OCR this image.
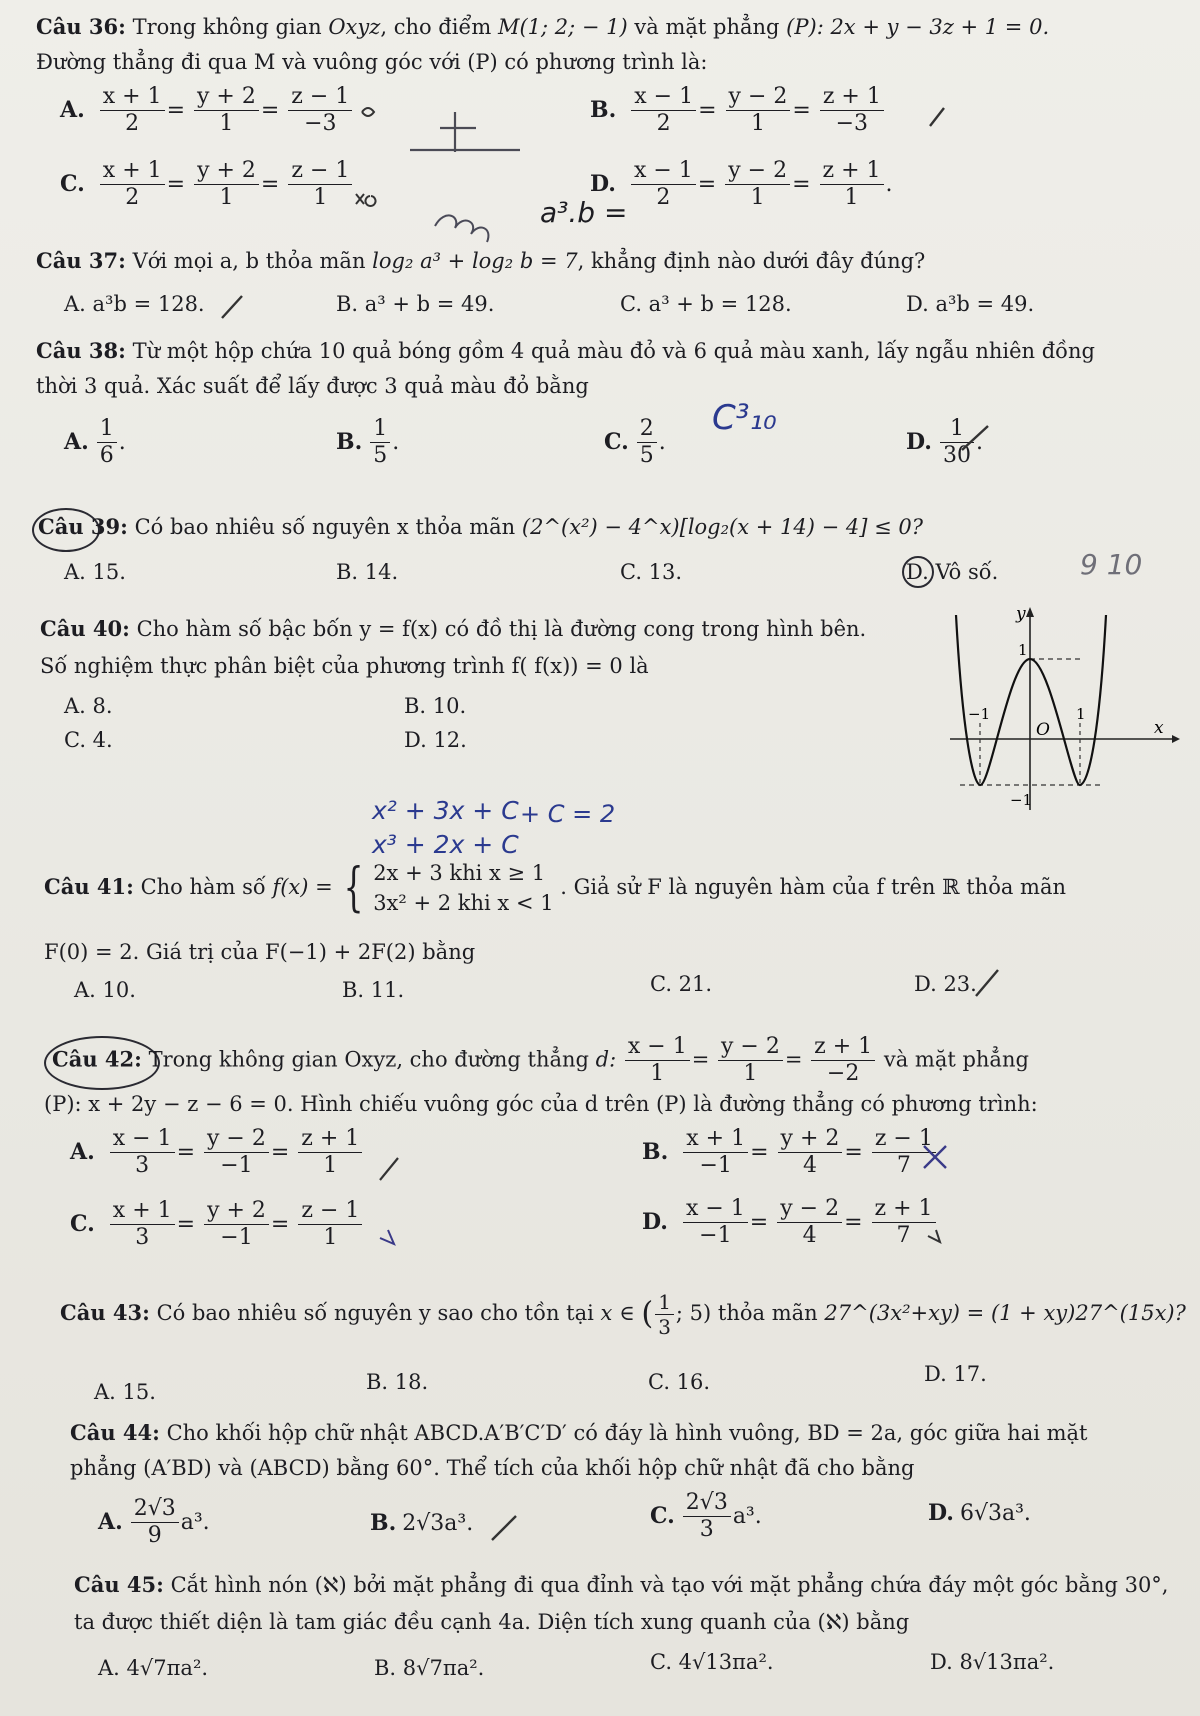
Câu 36: Trong không gian Oxyz, cho điểm M(1; 2; − 1) và mặt phẳng (P): 2x + y − 3z + 1 = 0.
Đường thẳng đi qua M và vuông góc với (P) có phương trình là:
A. $\frac{x + 1}{2} = \frac{y + 2}{1} = \frac{z - 1}{-3}$	B. $\frac{x - 1}{2} = \frac{y - 2}{1} = \frac{z + 1}{-3}$
C. $\frac{x + 1}{2} = \frac{y + 2}{1} = \frac{z - 1}{1}$	D. $\frac{x - 1}{2} = \frac{y - 2}{1} = \frac{z + 1}{1}$ .
a³.b =
Câu 37: Với mọi a, b thỏa mãn log₂ a³ + log₂ b = 7, khẳng định nào dưới đây đúng?
A. a³b = 128.	B. a³ + b = 49.	C. a³ + b = 128.	D. a³b = 49.
Câu 38: Từ một hộp chứa 10 quả bóng gồm 4 quả màu đỏ và 6 quả màu xanh, lấy ngẫu nhiên đồng
thời 3 quả. Xác suất để lấy được 3 quả màu đỏ bằng
A. $\frac{1}{6}$ .	B. $\frac{1}{5}$ .	C. $\frac{2}{5}$ .	D. $\frac{1}{30}$ .
C³₁₀
Câu 39: Có bao nhiêu số nguyên x thỏa mãn (2^(x²) − 4^x)[log₂(x + 14) − 4] ≤ 0?
A. 15.	B. 14.	C. 13.	D. Vô số.	9 10
Câu 40: Cho hàm số bậc bốn y = f(x) có đồ thị là đường cong trong hình bên.
Số nghiệm thực phân biệt của phương trình f( f(x)) = 0 là
A. 8.	B. 10.
C. 4.	D. 12.
y
x
O
1
−1
−1	1
x² + 3x + C
x³ + 2x + C
+ C = 2
Câu 41: Cho hàm số f(x) = { 2x + 3 khi x ≥ 1
3x² + 2 khi x < 1
. Giả sử F là nguyên hàm của f trên ℝ thỏa mãn
F(0) = 2. Giá trị của F(−1) + 2F(2) bằng
A. 10.	B. 11.	C. 21.	D. 23.
Câu 42: Trong không gian Oxyz, cho đường thẳng d: $\frac{x - 1}{1} = \frac{y - 2}{1} = \frac{z + 1}{-2}$ và mặt phẳng
(P): x + 2y − z − 6 = 0. Hình chiếu vuông góc của d trên (P) là đường thẳng có phương trình:
A. $\frac{x - 1}{3} = \frac{y - 2}{-1} = \frac{z + 1}{1}$	B. $\frac{x + 1}{-1} = \frac{y + 2}{4} = \frac{z - 1}{7}$
C. $\frac{x + 1}{3} = \frac{y + 2}{-1} = \frac{z - 1}{1}$	D. $\frac{x - 1}{-1} = \frac{y - 2}{4} = \frac{z + 1}{7}$
Câu 43: Có bao nhiêu số nguyên y sao cho tồn tại x ∈ ( $\frac{1}{3}$ ; 5) thỏa mãn 27^(3x²+xy) = (1 + xy)27^(15x)?
A. 15.	B. 18.	C. 16.	D. 17.
Câu 44: Cho khối hộp chữ nhật ABCD.A′B′C′D′ có đáy là hình vuông, BD = 2a, góc giữa hai mặt
phẳng (A′BD) và (ABCD) bằng 60°. Thể tích của khối hộp chữ nhật đã cho bằng
A. $\frac{2√3}{9} a^3$.	B. 2√3a³.	C. $\frac{2√3}{3} a^3$.	D. 6√3a³.
Câu 45: Cắt hình nón (ℵ) bởi mặt phẳng đi qua đỉnh và tạo với mặt phẳng chứa đáy một góc bằng 30°,
ta được thiết diện là tam giác đều cạnh 4a. Diện tích xung quanh của (ℵ) bằng
A. 4√7πa².	B. 8√7πa².	C. 4√13πa².	D. 8√13πa².
